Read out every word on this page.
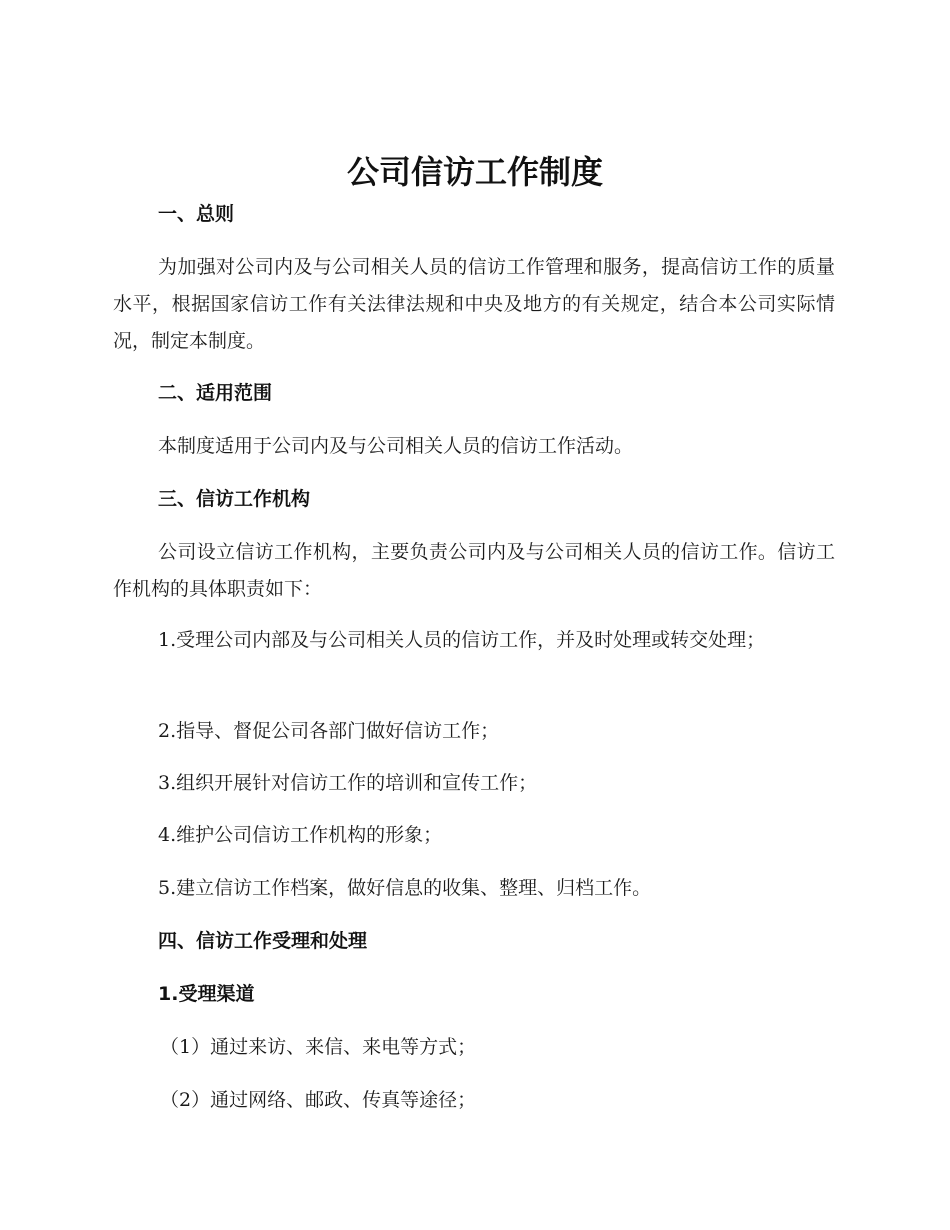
公司信访工作制度
一、总则

为加强对公司内及与公司相关人员的信访工作管理和服务，提高信访工作的质量水平，根据国家信访工作有关法律法规和中央及地方的有关规定，结合本公司实际情况，制定本制度。

二、适用范围

本制度适用于公司内及与公司相关人员的信访工作活动。

三、信访工作机构

公司设立信访工作机构，主要负责公司内及与公司相关人员的信访工作。信访工作机构的具体职责如下：

1.受理公司内部及与公司相关人员的信访工作，并及时处理或转交处理；

2.指导、督促公司各部门做好信访工作；

3.组织开展针对信访工作的培训和宣传工作；

4.维护公司信访工作机构的形象；

5.建立信访工作档案，做好信息的收集、整理、归档工作。

四、信访工作受理和处理
1.受理渠道

（1）通过来访、来信、来电等方式；

（2）通过网络、邮政、传真等途径；
